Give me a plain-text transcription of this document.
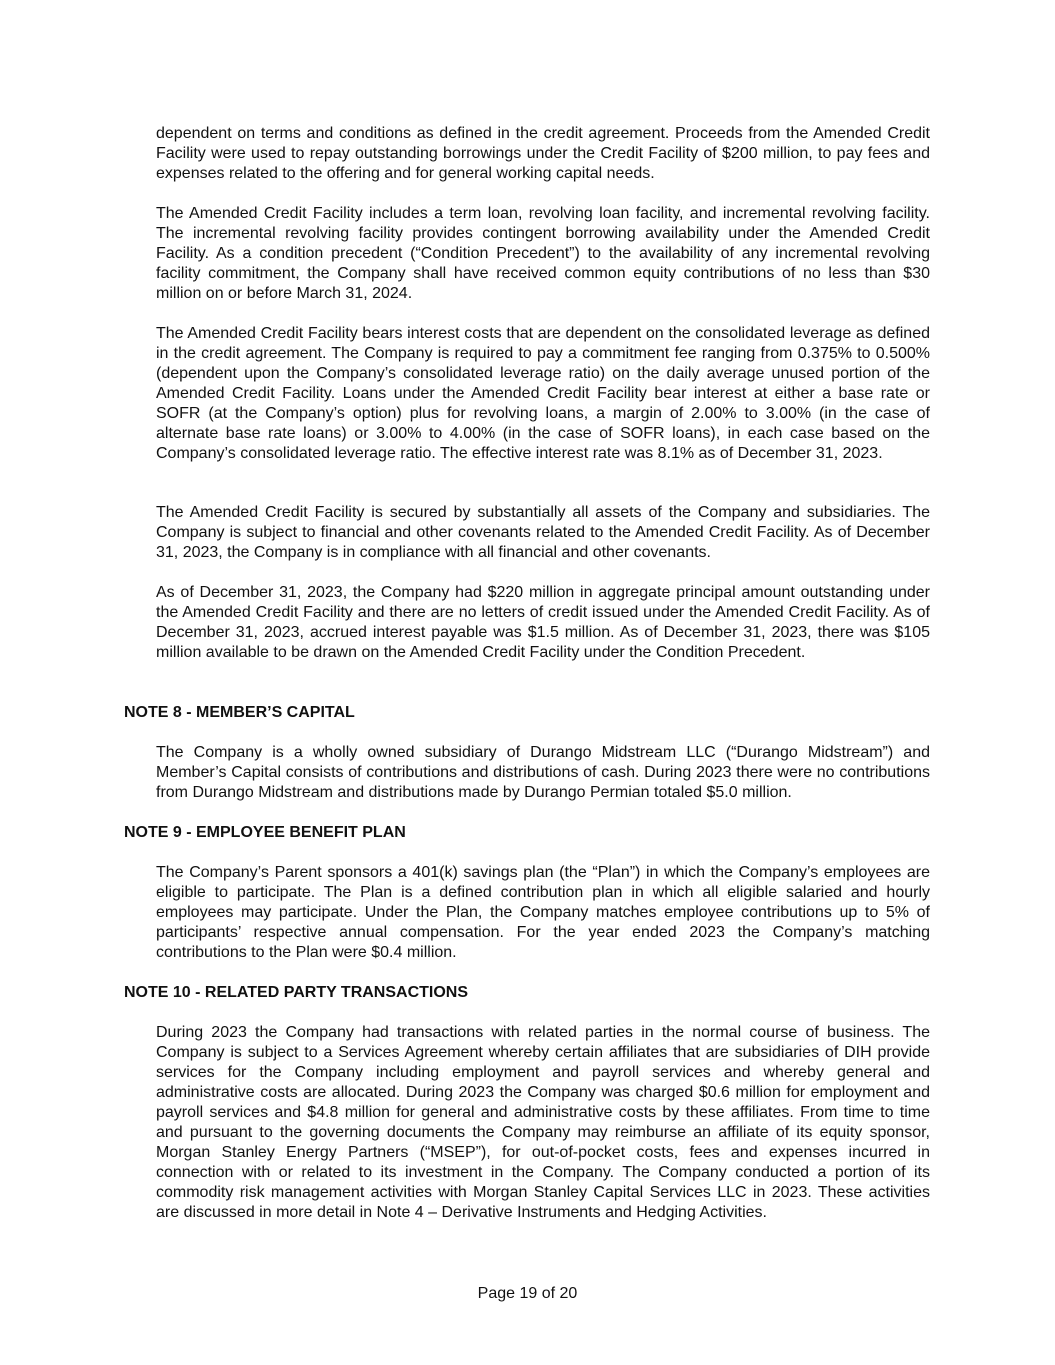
dependent on terms and conditions as defined in the credit agreement. Proceeds from the Amended Credit Facility were used to repay outstanding borrowings under the Credit Facility of $200 million, to pay fees and expenses related to the offering and for general working capital needs.

The Amended Credit Facility includes a term loan, revolving loan facility, and incremental revolving facility. The incremental revolving facility provides contingent borrowing availability under the Amended Credit Facility. As a condition precedent (“Condition Precedent”) to the availability of any incremental revolving facility commitment, the Company shall have received common equity contributions of no less than $30 million on or before March 31, 2024.

The Amended Credit Facility bears interest costs that are dependent on the consolidated leverage as defined in the credit agreement. The Company is required to pay a commitment fee ranging from 0.375% to 0.500% (dependent upon the Company’s consolidated leverage ratio) on the daily average unused portion of the Amended Credit Facility. Loans under the Amended Credit Facility bear interest at either a base rate or SOFR (at the Company’s option) plus for revolving loans, a margin of 2.00% to 3.00% (in the case of alternate base rate loans) or 3.00% to 4.00% (in the case of SOFR loans), in each case based on the Company’s consolidated leverage ratio. The effective interest rate was 8.1% as of December 31, 2023.

The Amended Credit Facility is secured by substantially all assets of the Company and subsidiaries. The Company is subject to financial and other covenants related to the Amended Credit Facility. As of December 31, 2023, the Company is in compliance with all financial and other covenants.

As of December 31, 2023, the Company had $220 million in aggregate principal amount outstanding under the Amended Credit Facility and there are no letters of credit issued under the Amended Credit Facility. As of December 31, 2023, accrued interest payable was $1.5 million. As of December 31, 2023, there was $105 million available to be drawn on the Amended Credit Facility under the Condition Precedent.

NOTE 8 - MEMBER’S CAPITAL

The Company is a wholly owned subsidiary of Durango Midstream LLC (“Durango Midstream”) and Member’s Capital consists of contributions and distributions of cash. During 2023 there were no contributions from Durango Midstream and distributions made by Durango Permian totaled $5.0 million.

NOTE 9 - EMPLOYEE BENEFIT PLAN

The Company’s Parent sponsors a 401(k) savings plan (the “Plan”) in which the Company’s employees are eligible to participate. The Plan is a defined contribution plan in which all eligible salaried and hourly employees may participate. Under the Plan, the Company matches employee contributions up to 5% of participants’ respective annual compensation. For the year ended 2023 the Company’s matching contributions to the Plan were $0.4 million.

NOTE 10 - RELATED PARTY TRANSACTIONS

During 2023 the Company had transactions with related parties in the normal course of business. The Company is subject to a Services Agreement whereby certain affiliates that are subsidiaries of DIH provide services for the Company including employment and payroll services and whereby general and administrative costs are allocated. During 2023 the Company was charged $0.6 million for employment and payroll services and $4.8 million for general and administrative costs by these affiliates. From time to time and pursuant to the governing documents the Company may reimburse an affiliate of its equity sponsor, Morgan Stanley Energy Partners (“MSEP”), for out-of-pocket costs, fees and expenses incurred in connection with or related to its investment in the Company. The Company conducted a portion of its commodity risk management activities with Morgan Stanley Capital Services LLC in 2023. These activities are discussed in more detail in Note 4 – Derivative Instruments and Hedging Activities.

Page 19 of 20
